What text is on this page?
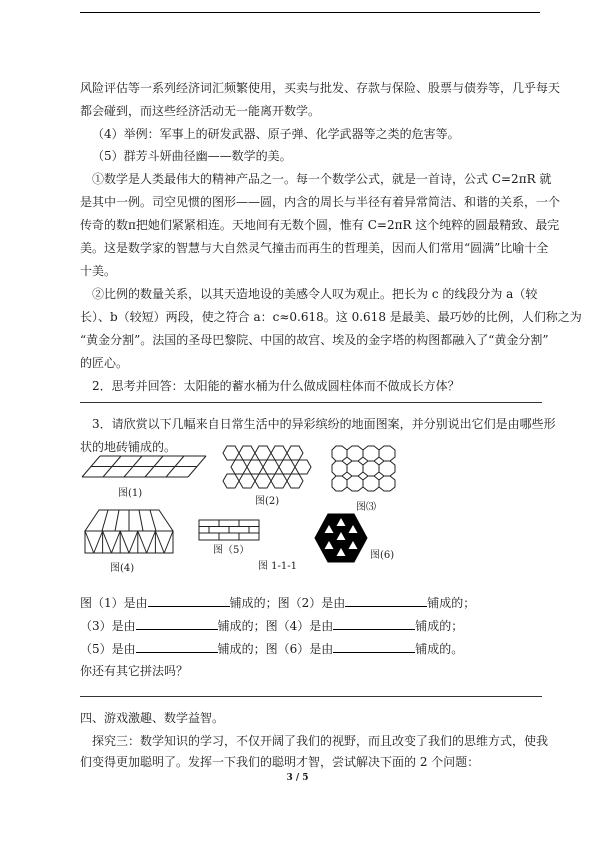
风险评估等一系列经济词汇频繁使用，买卖与批发、存款与保险、股票与债券等，几乎每天
都会碰到，而这些经济活动无一能离开数学。
（4）举例：军事上的研发武器、原子弹、化学武器等之类的危害等。
（5）群芳斗妍曲径幽——数学的美。
①数学是人类最伟大的精神产品之一。每一个数学公式，就是一首诗，公式 C=2πR 就
是其中一例。司空见惯的图形——圆，内含的周长与半径有着异常简洁、和谐的关系，一个
传奇的数π把她们紧紧相连。天地间有无数个圆，惟有 C=2πR 这个纯粹的圆最精致、最完
美。这是数学家的智慧与大自然灵气撞击而再生的哲理美，因而人们常用“圆满”比喻十全
十美。
②比例的数量关系，以其天造地设的美感令人叹为观止。把长为 c 的线段分为 a（较
长）、b（较短）两段，使之符合 a：c≈0.618。这 0.618 是最美、最巧妙的比例，人们称之为
“黄金分割”。法国的圣母巴黎院、中国的故宫、埃及的金字塔的构图都融入了“黄金分割”
的匠心。
2．思考并回答：太阳能的蓄水桶为什么做成圆柱体而不做成长方体？
3．请欣赏以下几幅来自日常生活中的异彩缤纷的地面图案，并分别说出它们是由哪些形
状的地砖铺成的。
图(1)
图(2)
图⑶
图(4)
图（5）	图(6)
图 1-1-1
图（1）是由	铺成的；图（2）是由	铺成的；
（3）是由	铺成的；图（4）是由	铺成的；
（5）是由	铺成的；图（6）是由	铺成的。
你还有其它拼法吗？
四、游戏激趣、数学益智。
探究三：数学知识的学习，不仅开阔了我们的视野，而且改变了我们的思维方式，使我
们变得更加聪明了。发挥一下我们的聪明才智，尝试解决下面的 2 个问题：
3 / 5
